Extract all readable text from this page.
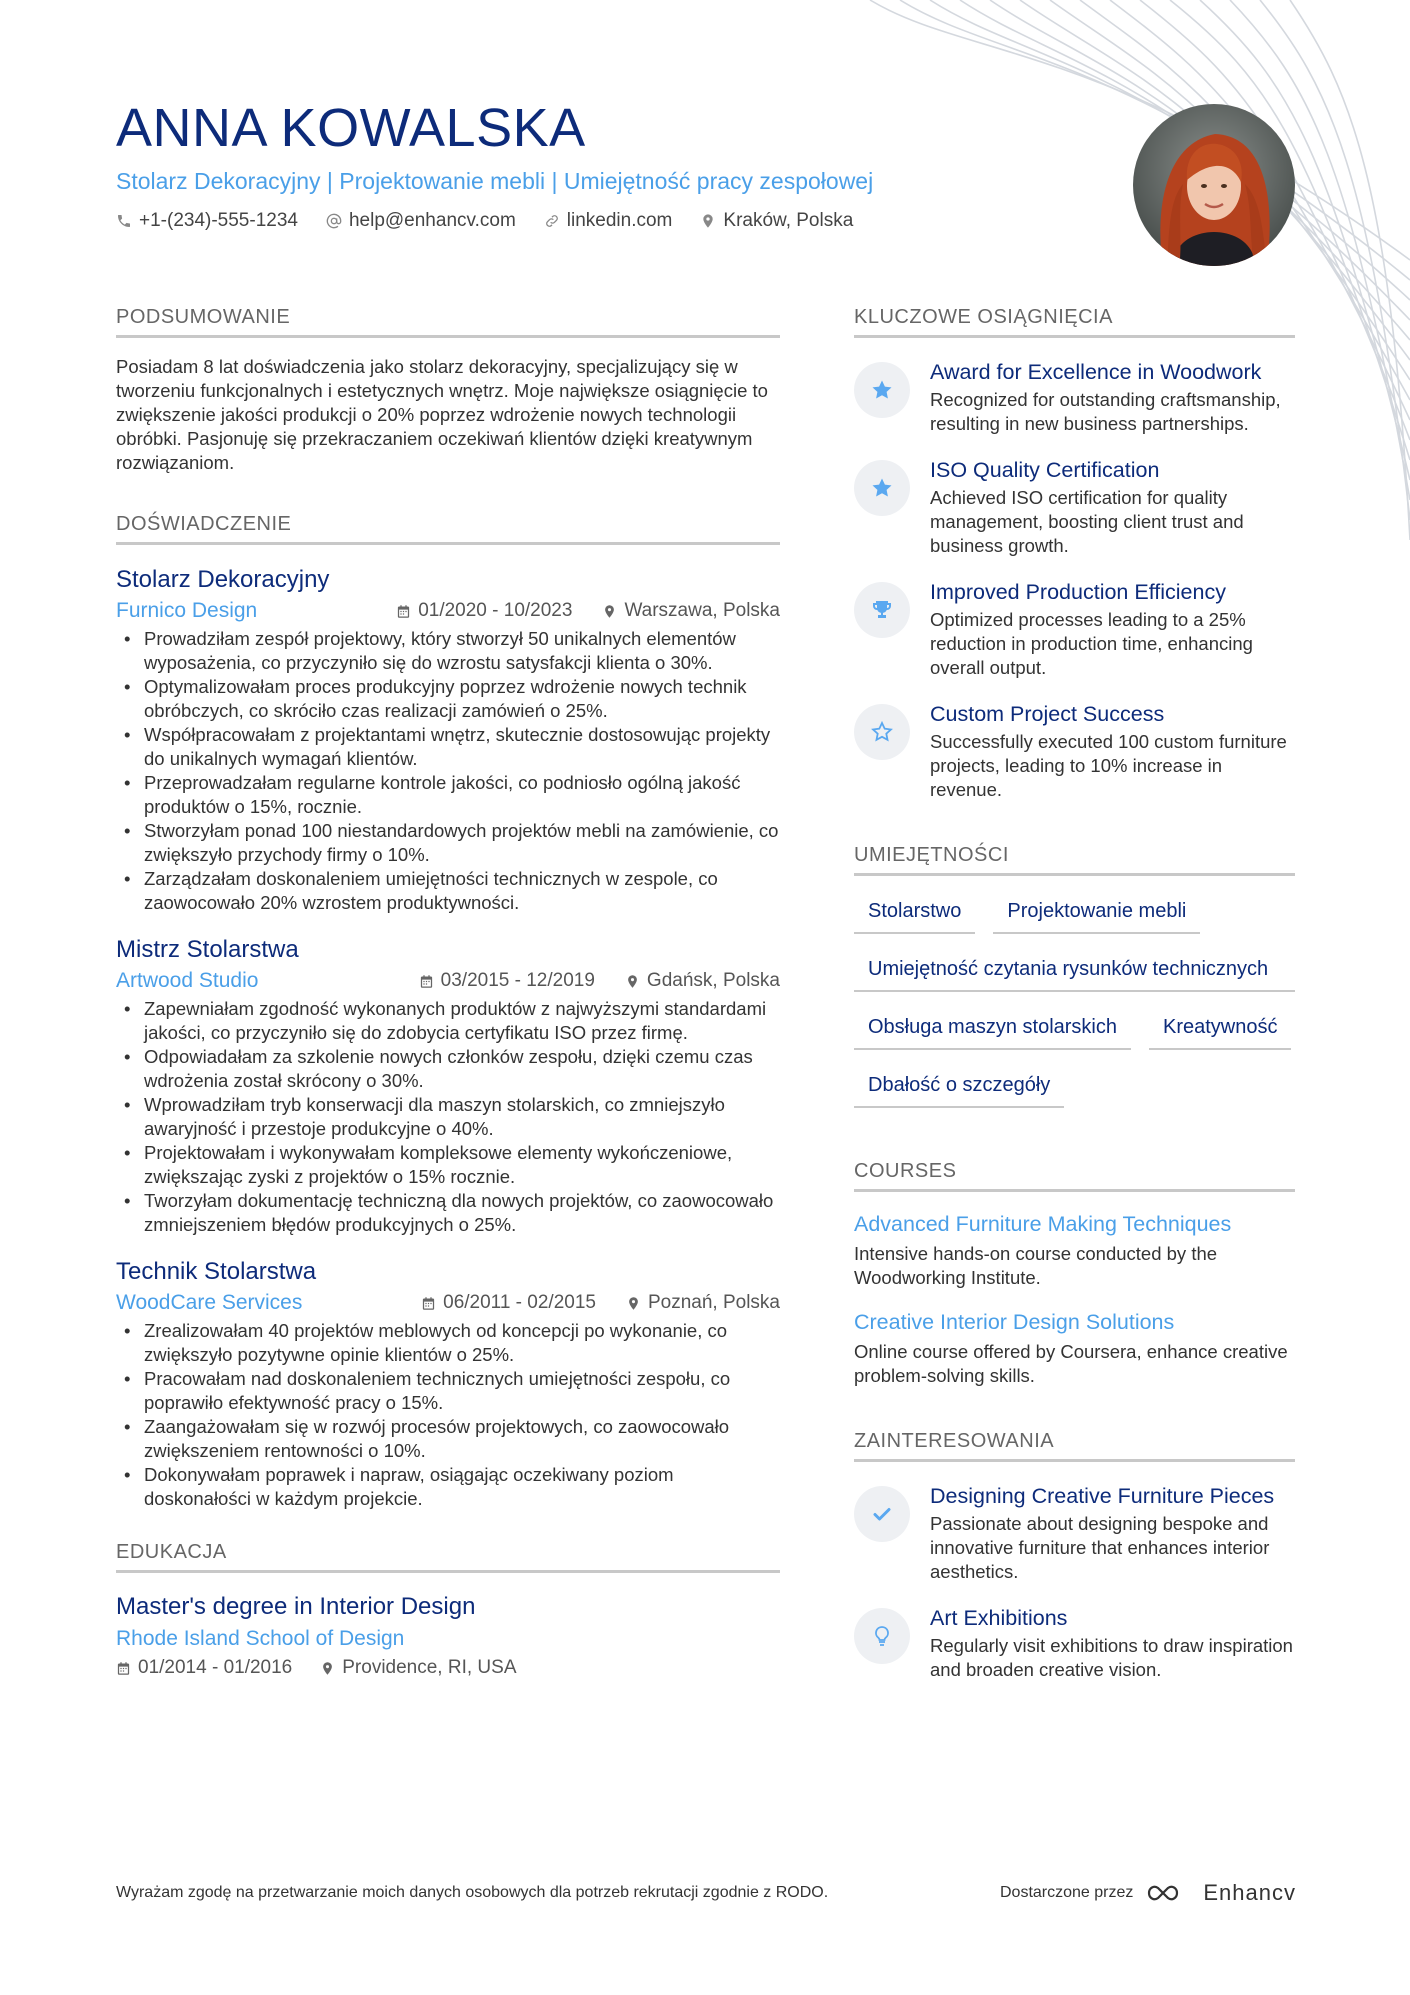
ANNA KOWALSKA
Stolarz Dekoracyjny | Projektowanie mebli | Umiejętność pracy zespołowej
+1-(234)-555-1234	help@enhancv.com	linkedin.com	Kraków, Polska
PODSUMOWANIE

Posiadam 8 lat doświadczenia jako stolarz dekoracyjny, specjalizujący się w tworzeniu funkcjonalnych i estetycznych wnętrz. Moje największe osiągnięcie to zwiększenie jakości produkcji o 20% poprzez wdrożenie nowych technologii obróbki. Pasjonuję się przekraczaniem oczekiwań klientów dzięki kreatywnym rozwiązaniom.

DOŚWIADCZENIE
Stolarz Dekoracyjny
Furnico Design	01/2020 - 10/2023	Warszawa, Polska
• Prowadziłam zespół projektowy, który stworzył 50 unikalnych elementów wyposażenia, co przyczyniło się do wzrostu satysfakcji klienta o 30%.
• Optymalizowałam proces produkcyjny poprzez wdrożenie nowych technik obróbczych, co skróciło czas realizacji zamówień o 25%.
• Współpracowałam z projektantami wnętrz, skutecznie dostosowując projekty do unikalnych wymagań klientów.
• Przeprowadzałam regularne kontrole jakości, co podniosło ogólną jakość produktów o 15%, rocznie.
• Stworzyłam ponad 100 niestandardowych projektów mebli na zamówienie, co zwiększyło przychody firmy o 10%.
• Zarządzałam doskonaleniem umiejętności technicznych w zespole, co zaowocowało 20% wzrostem produktywności.
Mistrz Stolarstwa
Artwood Studio	03/2015 - 12/2019	Gdańsk, Polska
• Zapewniałam zgodność wykonanych produktów z najwyższymi standardami jakości, co przyczyniło się do zdobycia certyfikatu ISO przez firmę.
• Odpowiadałam za szkolenie nowych członków zespołu, dzięki czemu czas wdrożenia został skrócony o 30%.
• Wprowadziłam tryb konserwacji dla maszyn stolarskich, co zmniejszyło awaryjność i przestoje produkcyjne o 40%.
• Projektowałam i wykonywałam kompleksowe elementy wykończeniowe, zwiększając zyski z projektów o 15% rocznie.
• Tworzyłam dokumentację techniczną dla nowych projektów, co zaowocowało zmniejszeniem błędów produkcyjnych o 25%.
Technik Stolarstwa
WoodCare Services	06/2011 - 02/2015	Poznań, Polska
• Zrealizowałam 40 projektów meblowych od koncepcji po wykonanie, co zwiększyło pozytywne opinie klientów o 25%.
• Pracowałam nad doskonaleniem technicznych umiejętności zespołu, co poprawiło efektywność pracy o 15%.
• Zaangażowałam się w rozwój procesów projektowych, co zaowocowało zwiększeniem rentowności o 10%.
• Dokonywałam poprawek i napraw, osiągając oczekiwany poziom doskonałości w każdym projekcie.
EDUKACJA
Master's degree in Interior Design
Rhode Island School of Design
01/2014 - 01/2016	Providence, RI, USA
KLUCZOWE OSIĄGNIĘCIA
Award for Excellence in Woodwork
Recognized for outstanding craftsmanship, resulting in new business partnerships.
ISO Quality Certification
Achieved ISO certification for quality management, boosting client trust and business growth.
Improved Production Efficiency
Optimized processes leading to a 25% reduction in production time, enhancing overall output.
Custom Project Success
Successfully executed 100 custom furniture projects, leading to 10% increase in revenue.
UMIEJĘTNOŚCI
Stolarstwo	Projektowanie mebli
Umiejętność czytania rysunków technicznych
Obsługa maszyn stolarskich	Kreatywność
Dbałość o szczegóły
COURSES
Advanced Furniture Making Techniques
Intensive hands-on course conducted by the Woodworking Institute.
Creative Interior Design Solutions
Online course offered by Coursera, enhance creative problem-solving skills.
ZAINTERESOWANIA
Designing Creative Furniture Pieces
Passionate about designing bespoke and innovative furniture that enhances interior aesthetics.
Art Exhibitions
Regularly visit exhibitions to draw inspiration and broaden creative vision.
Wyrażam zgodę na przetwarzanie moich danych osobowych dla potrzeb rekrutacji zgodnie z RODO.	Dostarczone przez	Enhancv
